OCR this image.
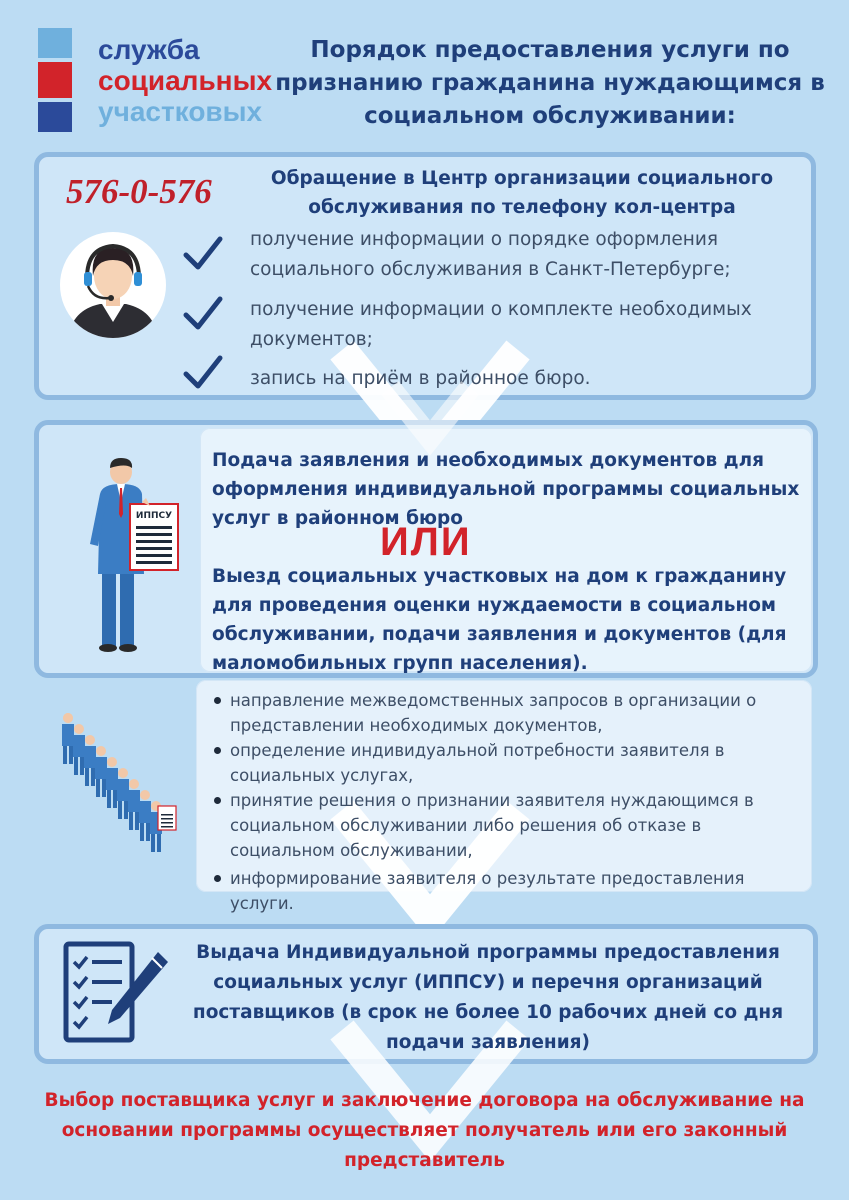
служба
социальных
участковых
Порядок предоставления услуги по признанию гражданина нуждающимся в социальном обслуживании:
576-0-576	Обращение в Центр организации социального обслуживания по телефону кол-центра
получение информации о порядке оформления социального обслуживания в Санкт-Петербурге;
получение информации о комплекте необходимых документов;
запись на приём в районное бюро.
ИППСУ
Подача заявления и необходимых документов для оформления индивидуальной программы социальных услуг в районном бюро
ИЛИ
Выезд социальных участковых на дом к гражданину для проведения оценки нуждаемости в социальном обслуживании, подачи заявления и документов (для маломобильных групп населения).
направление межведомственных запросов в организации о представлении необходимых документов,
определение индивидуальной потребности заявителя в социальных услугах,
принятие решения о признании заявителя нуждающимся в социальном обслуживании либо решения об отказе в социальном обслуживании,
информирование заявителя о результате предоставления услуги.
Выдача Индивидуальной программы предоставления социальных услуг (ИППСУ) и перечня организаций поставщиков (в срок не более 10 рабочих дней со дня подачи заявления)
Выбор поставщика услуг и заключение договора на обслуживание на основании программы осуществляет получатель или его законный представитель
